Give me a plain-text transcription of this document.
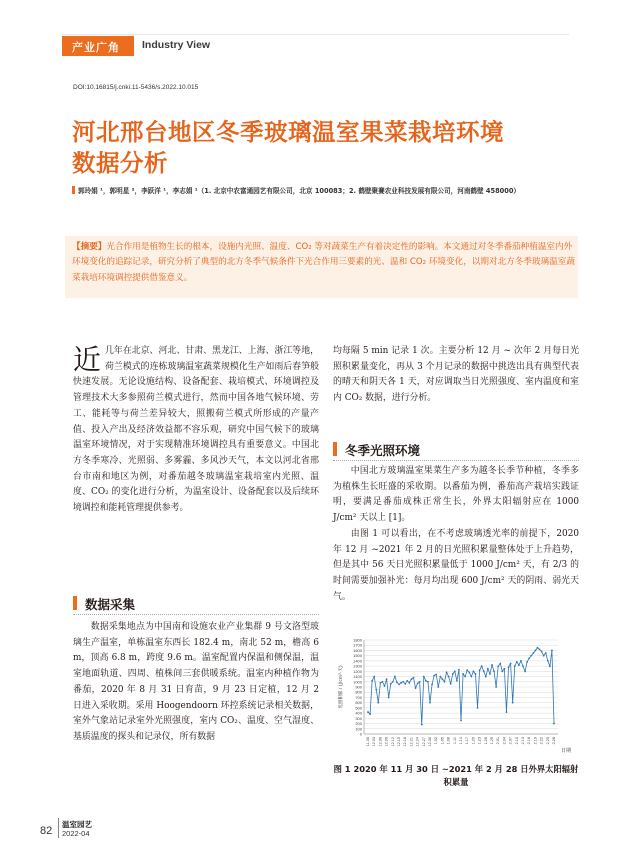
产业广角 Industry View
DOI:10.16815/j.cnki.11-5436/s.2022.10.015
河北邢台地区冬季玻璃温室果菜栽培环境
数据分析
郭玲娟 ¹，郭明星 ²，李跃洋 ¹，李志娟 ¹（1. 北京中农富通园艺有限公司，北京 100083；2. 鹤壁聚賽农业科技发展有限公司，河南鹤壁 458000）
【摘要】光合作用是植物生长的根本，设施内光照、温度、CO₂ 等对蔬菜生产有着决定性的影响。本文通过对冬季番茄种植温室内外环境变化的追踪记录，研究分析了典型的北方冬季气候条件下光合作用三要素的光、温和 CO₂ 环境变化，以期对北方冬季玻璃温室蔬菜栽培环境调控提供借鉴意义。

近几年在北京、河北、甘肃、黑龙江、上海、浙江等地，荷兰模式的连栋玻璃温室蔬菜规模化生产如雨后春笋般快速发展。无论设施结构、设备配套、栽培模式、环境调控及管理技术大多参照荷兰模式进行，然而中国各地气候环境、劳工、能耗等与荷兰差异较大，照搬荷兰模式所形成的产量产值、投入产出及经济效益都不容乐观，研究中国气候下的玻璃温室环境情况，对于实现精准环境调控具有重要意义。中国北方冬季寒冷、光照弱、多雾霾、多风沙天气，本文以河北省邢台市南和地区为例，对番茄越冬玻璃温室栽培室内光照、温度、CO₂ 的变化进行分析，为温室设计、设备配套以及后续环境调控和能耗管理提供参考。

数据采集

数据采集地点为中国南和设施农业产业集群 9 号文洛型玻璃生产温室，单栋温室东西长 182.4 m，南北 52 m，檐高 6 m，顶高 6.8 m，跨度 9.6 m。温室配置内保温和侧保温，温室地面轨道、四周、植株间三套供暖系统。温室内种植作物为番茄，2020 年 8 月 31 日育苗，9 月 23 日定植，12 月 2 日进入采收期。采用 Hoogendoorn 环控系统记录相关数据，室外气象站记录室外光照强度，室内 CO₂、温度、空气湿度、基质温度的探头和记录仪，所有数据

均每隔 5 min 记录 1 次。主要分析 12 月 ~ 次年 2 月每日光照积累量变化，再从 3 个月记录的数据中挑选出具有典型代表的晴天和阴天各 1 天，对应调取当日光照强度、室内温度和室内 CO₂ 数据，进行分析。

冬季光照环境

中国北方玻璃温室果菜生产多为越冬长季节种植，冬季多为植株生长旺盛的采收期。以番茄为例，番茄高产栽培实践证明，要满足番茄成株正常生长，外界太阳辐射应在 1000 J/cm² 天以上 [1]。

由图 1 可以看出，在不考虑玻璃透光率的前提下，2020 年 12 月 ~2021 年 2 月的日光照积累量整体处于上升趋势，但是其中 56 天日光照积累量低于 1000 J/cm² 天，有 2/3 的时间需要加强补光：每月均出现 600 J/cm² 天的阴雨、弱光天气。

0
100
200
300
400
500
600
700
800
900
1000
1100
1200
1300
1400
1500
1600
1700
1800
光照积累 / (J/cm²·天)
11.30 12.03 12.06 12.09 12.12 12.15 12.18 12.21 12.24 12.27 12.30 1.02 1.05 1.08 1.11 1.14 1.17 1.20 1.23 1.26 1.29 2.01 2.04 2.07 2.10 2.13 2.16 2.19 2.22 2.25 2.28
日期
图 1 2020 年 11 月 30 日 ~2021 年 2 月 28 日外界太阳辐射积累量
82
温室园艺
2022-04
